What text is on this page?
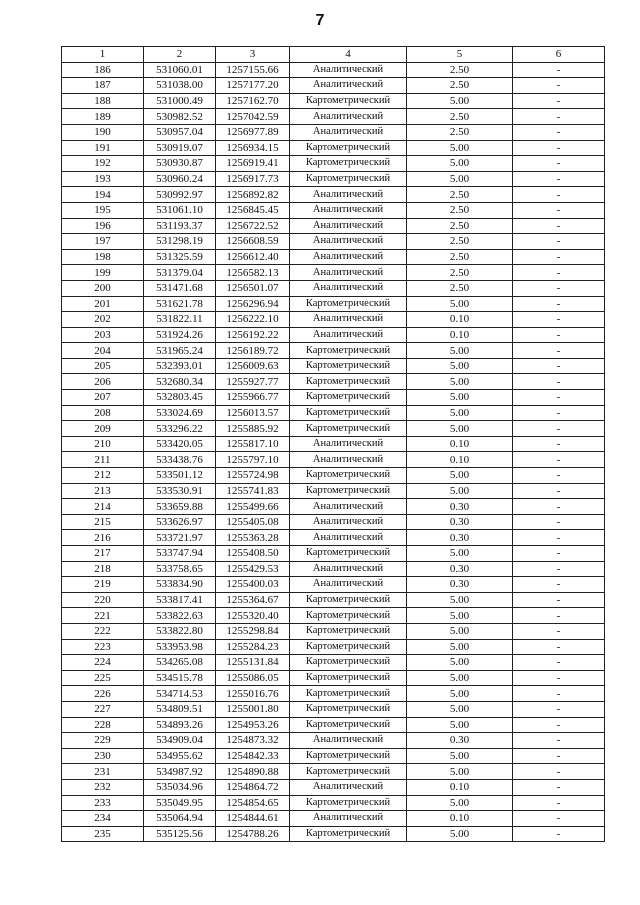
7
1	2	3	4	5	6
186	531060.01	1257155.66	Аналитический	2.50	-
187	531038.00	1257177.20	Аналитический	2.50	-
188	531000.49	1257162.70	Картометрический	5.00	-
189	530982.52	1257042.59	Аналитический	2.50	-
190	530957.04	1256977.89	Аналитический	2.50	-
191	530919.07	1256934.15	Картометрический	5.00	-
192	530930.87	1256919.41	Картометрический	5.00	-
193	530960.24	1256917.73	Картометрический	5.00	-
194	530992.97	1256892.82	Аналитический	2.50	-
195	531061.10	1256845.45	Аналитический	2.50	-
196	531193.37	1256722.52	Аналитический	2.50	-
197	531298.19	1256608.59	Аналитический	2.50	-
198	531325.59	1256612.40	Аналитический	2.50	-
199	531379.04	1256582.13	Аналитический	2.50	-
200	531471.68	1256501.07	Аналитический	2.50	-
201	531621.78	1256296.94	Картометрический	5.00	-
202	531822.11	1256222.10	Аналитический	0.10	-
203	531924.26	1256192.22	Аналитический	0.10	-
204	531965.24	1256189.72	Картометрический	5.00	-
205	532393.01	1256009.63	Картометрический	5.00	-
206	532680.34	1255927.77	Картометрический	5.00	-
207	532803.45	1255966.77	Картометрический	5.00	-
208	533024.69	1256013.57	Картометрический	5.00	-
209	533296.22	1255885.92	Картометрический	5.00	-
210	533420.05	1255817.10	Аналитический	0.10	-
211	533438.76	1255797.10	Аналитический	0.10	-
212	533501.12	1255724.98	Картометрический	5.00	-
213	533530.91	1255741.83	Картометрический	5.00	-
214	533659.88	1255499.66	Аналитический	0.30	-
215	533626.97	1255405.08	Аналитический	0.30	-
216	533721.97	1255363.28	Аналитический	0.30	-
217	533747.94	1255408.50	Картометрический	5.00	-
218	533758.65	1255429.53	Аналитический	0.30	-
219	533834.90	1255400.03	Аналитический	0.30	-
220	533817.41	1255364.67	Картометрический	5.00	-
221	533822.63	1255320.40	Картометрический	5.00	-
222	533822.80	1255298.84	Картометрический	5.00	-
223	533953.98	1255284.23	Картометрический	5.00	-
224	534265.08	1255131.84	Картометрический	5.00	-
225	534515.78	1255086.05	Картометрический	5.00	-
226	534714.53	1255016.76	Картометрический	5.00	-
227	534809.51	1255001.80	Картометрический	5.00	-
228	534893.26	1254953.26	Картометрический	5.00	-
229	534909.04	1254873.32	Аналитический	0.30	-
230	534955.62	1254842.33	Картометрический	5.00	-
231	534987.92	1254890.88	Картометрический	5.00	-
232	535034.96	1254864.72	Аналитический	0.10	-
233	535049.95	1254854.65	Картометрический	5.00	-
234	535064.94	1254844.61	Аналитический	0.10	-
235	535125.56	1254788.26	Картометрический	5.00	-
